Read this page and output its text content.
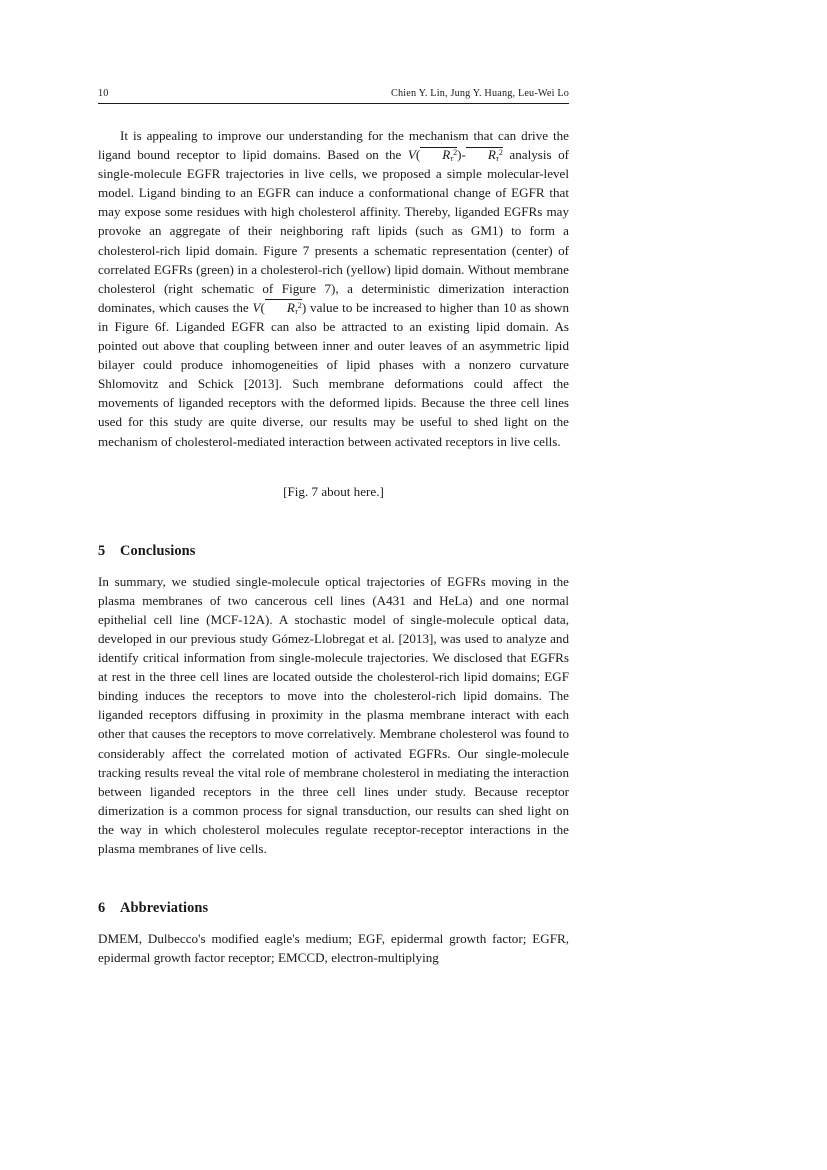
10	Chien Y. Lin, Jung Y. Huang, Leu-Wei Lo

It is appealing to improve our understanding for the mechanism that can drive the ligand bound receptor to lipid domains. Based on the V( $R_\tau^2)-$ $R_\tau^2$ analysis of single-molecule EGFR trajectories in live cells, we proposed a simple molecular-level model. Ligand binding to an EGFR can induce a conformational change of EGFR that may expose some residues with high cholesterol affinity. Thereby, liganded EGFRs may provoke an aggregate of their neighboring raft lipids (such as GM1) to form a cholesterol-rich lipid domain. Figure 7 presents a schematic representation (center) of correlated EGFRs (green) in a cholesterol-rich (yellow) lipid domain. Without membrane cholesterol (right schematic of Figure 7), a deterministic dimerization interaction dominates, which causes the V( $R_\tau^2$) value to be increased to higher than 10 as shown in Figure 6f. Liganded EGFR can also be attracted to an existing lipid domain. As pointed out above that coupling between inner and outer leaves of an asymmetric lipid bilayer could produce inhomogeneities of lipid phases with a nonzero curvature Shlomovitz and Schick [2013]. Such membrane deformations could affect the movements of liganded receptors with the deformed lipids. Because the three cell lines used for this study are quite diverse, our results may be useful to shed light on the mechanism of cholesterol-mediated interaction between activated receptors in live cells.

[Fig. 7 about here.]

5 Conclusions

In summary, we studied single-molecule optical trajectories of EGFRs moving in the plasma membranes of two cancerous cell lines (A431 and HeLa) and one normal epithelial cell line (MCF-12A). A stochastic model of single-molecule optical data, developed in our previous study Gómez-Llobregat et al. [2013], was used to analyze and identify critical information from single-molecule trajectories. We disclosed that EGFRs at rest in the three cell lines are located outside the cholesterol-rich lipid domains; EGF binding induces the receptors to move into the cholesterol-rich lipid domains. The liganded receptors diffusing in proximity in the plasma membrane interact with each other that causes the receptors to move correlatively. Membrane cholesterol was found to considerably affect the correlated motion of activated EGFRs. Our single-molecule tracking results reveal the vital role of membrane cholesterol in mediating the interaction between liganded receptors in the three cell lines under study. Because receptor dimerization is a common process for signal transduction, our results can shed light on the way in which cholesterol molecules regulate receptor-receptor interactions in the plasma membranes of live cells.

6 Abbreviations

DMEM, Dulbecco's modified eagle's medium; EGF, epidermal growth factor; EGFR, epidermal growth factor receptor; EMCCD, electron-multiplying
